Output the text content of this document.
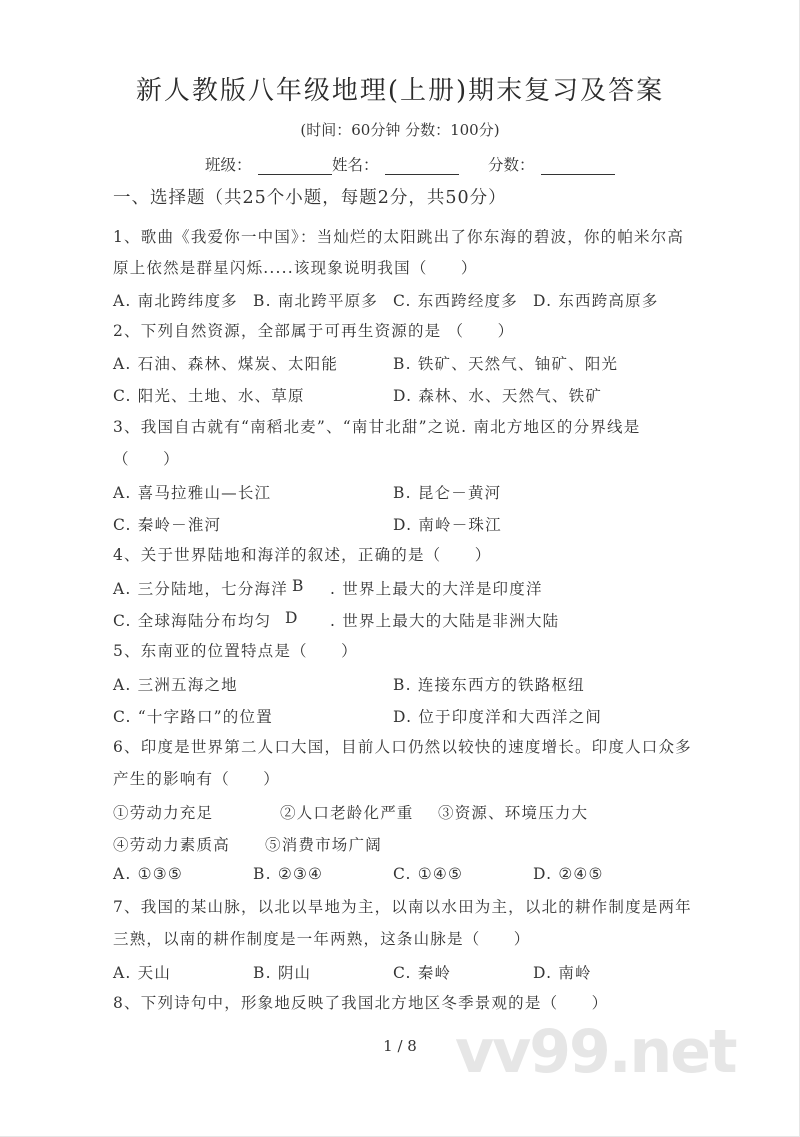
新人教版八年级地理(上册)期末复习及答案
(时间：60分钟 分数：100分)
班级：	姓名：	分数：
一、选择题（共25个小题，每题2分，共50分）
1、歌曲《我爱你一中国》：当灿烂的太阳跳出了你东海的碧波，你的帕米尔高
原上依然是群星闪烁.....该现象说明我国（　　）
A. 南北跨纬度多 B. 南北跨平原多 C. 东西跨经度多 D. 东西跨高原多
2、下列自然资源，全部属于可再生资源的是 （　　）
A. 石油、森林、煤炭、太阳能	B. 铁矿、天然气、铀矿、阳光
C. 阳光、土地、水、草原	D. 森林、水、天然气、铁矿
3、我国自古就有“南稻北麦”、“南甘北甜”之说. 南北方地区的分界线是
（　　）
A. 喜马拉雅山—长江	B. 昆仑－黄河
C. 秦岭－淮河	D. 南岭－珠江
4、关于世界陆地和海洋的叙述，正确的是（　　）
A. 三分陆地，七分海洋 B . 世界上最大的大洋是印度洋
C. 全球海陆分布均匀 D . 世界上最大的大陆是非洲大陆
5、东南亚的位置特点是（　　）
A. 三洲五海之地	B. 连接东西方的铁路枢纽
C. “十字路口”的位置	D. 位于印度洋和大西洋之间
6、印度是世界第二人口大国，目前人口仍然以较快的速度增长。印度人口众多
产生的影响有（　　）
①劳动力充足	②人口老龄化严重 ③资源、环境压力大
④劳动力素质高 ⑤消费市场广阔
A. ①③⑤	B. ②③④	C. ①④⑤	D. ②④⑤
7、我国的某山脉，以北以旱地为主，以南以水田为主，以北的耕作制度是两年
三熟，以南的耕作制度是一年两熟，这条山脉是（　　）
A. 天山	B. 阴山	C. 秦岭	D. 南岭
8、下列诗句中，形象地反映了我国北方地区冬季景观的是（　　）
vv99.net
1 / 8
